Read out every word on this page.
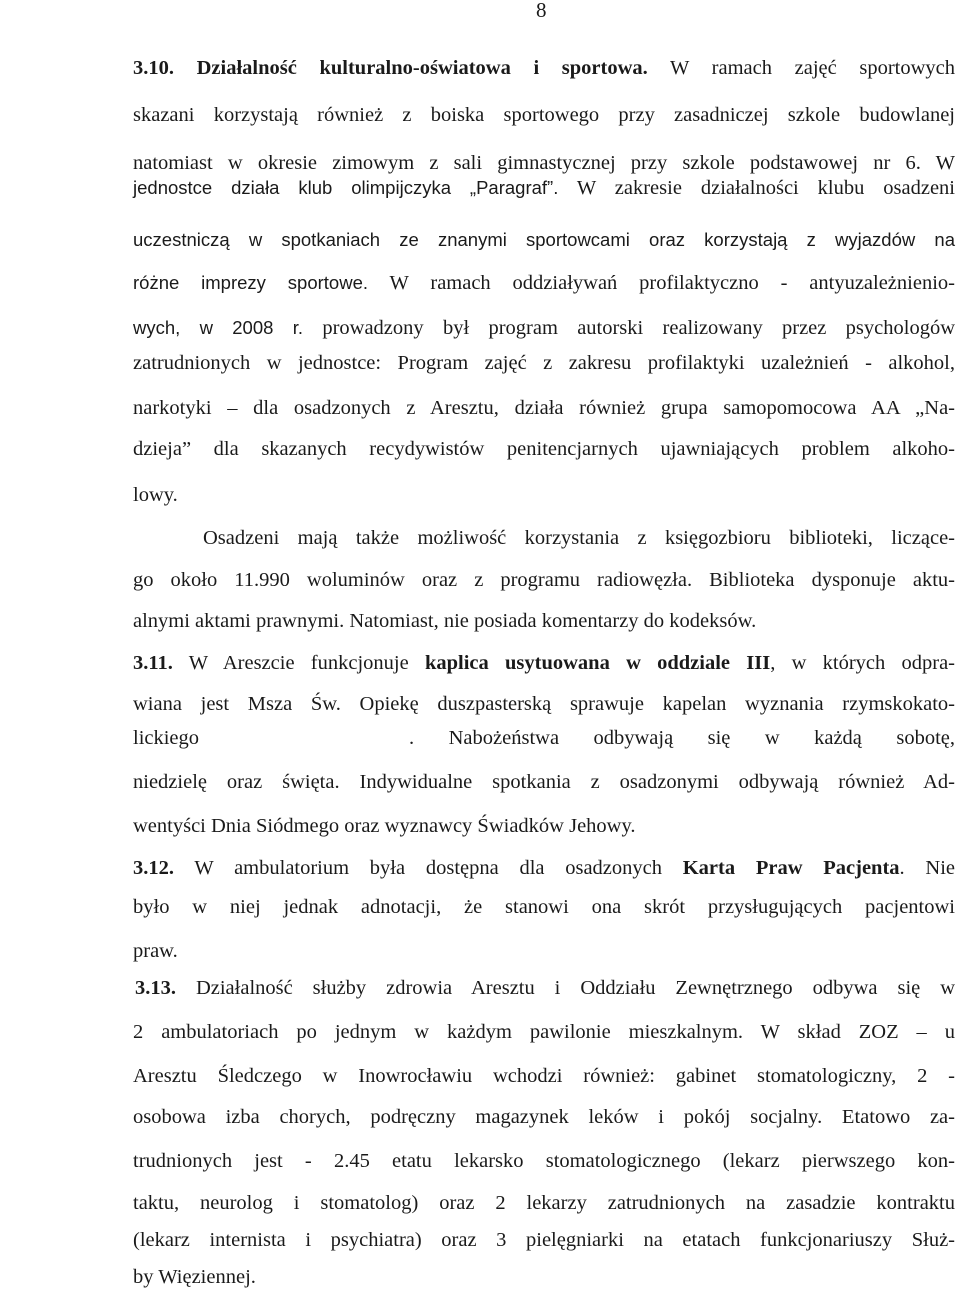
8
3.10. Działalność kulturalno-oświatowa i sportowa. W ramach zajęć sportowych
skazani korzystają również z boiska sportowego przy zasadniczej szkole budowlanej
natomiast w okresie zimowym z sali gimnastycznej przy szkole podstawowej nr 6. W
jednostce działa klub olimpijczyka „Paragraf”. W zakresie działalności klubu osadzeni
uczestniczą w spotkaniach ze znanymi sportowcami oraz korzystają z wyjazdów na
różne imprezy sportowe. W ramach oddziaływań profilaktyczno - antyuzależnienio-
wych, w 2008 r. prowadzony był program autorski realizowany przez psychologów
zatrudnionych w jednostce: Program zajęć z zakresu profilaktyki uzależnień - alkohol,
narkotyki – dla osadzonych z Aresztu, działa również grupa samopomocowa AA „Na-
dzieja” dla skazanych recydywistów penitencjarnych ujawniających problem alkoho-
lowy.
Osadzeni mają także możliwość korzystania z księgozbioru biblioteki, liczące-
go około 11.990 woluminów oraz z programu radiowęzła. Biblioteka dysponuje aktu-
alnymi aktami prawnymi. Natomiast, nie posiada komentarzy do kodeksów.
3.11. W Areszcie funkcjonuje kaplica usytuowana w oddziale III, w których odpra-
wiana jest Msza Św. Opiekę duszpasterską sprawuje kapelan wyznania rzymskokato-
lickiego	. Nabożeństwa odbywają się w każdą sobotę,
niedzielę oraz święta. Indywidualne spotkania z osadzonymi odbywają również Ad-
wentyści Dnia Siódmego oraz wyznawcy Świadków Jehowy.
3.12. W ambulatorium była dostępna dla osadzonych Karta Praw Pacjenta. Nie
było w niej jednak adnotacji, że stanowi ona skrót przysługujących pacjentowi
praw.
3.13. Działalność służby zdrowia Aresztu i Oddziału Zewnętrznego odbywa się w
2 ambulatoriach po jednym w każdym pawilonie mieszkalnym. W skład ZOZ – u
Aresztu Śledczego w Inowrocławiu wchodzi również: gabinet stomatologiczny, 2 -
osobowa izba chorych, podręczny magazynek leków i pokój socjalny. Etatowo za-
trudnionych jest - 2.45 etatu lekarsko stomatologicznego (lekarz pierwszego kon-
taktu, neurolog i stomatolog) oraz 2 lekarzy zatrudnionych na zasadzie kontraktu
(lekarz internista i psychiatra) oraz 3 pielęgniarki na etatach funkcjonariuszy Służ-
by Więziennej.
